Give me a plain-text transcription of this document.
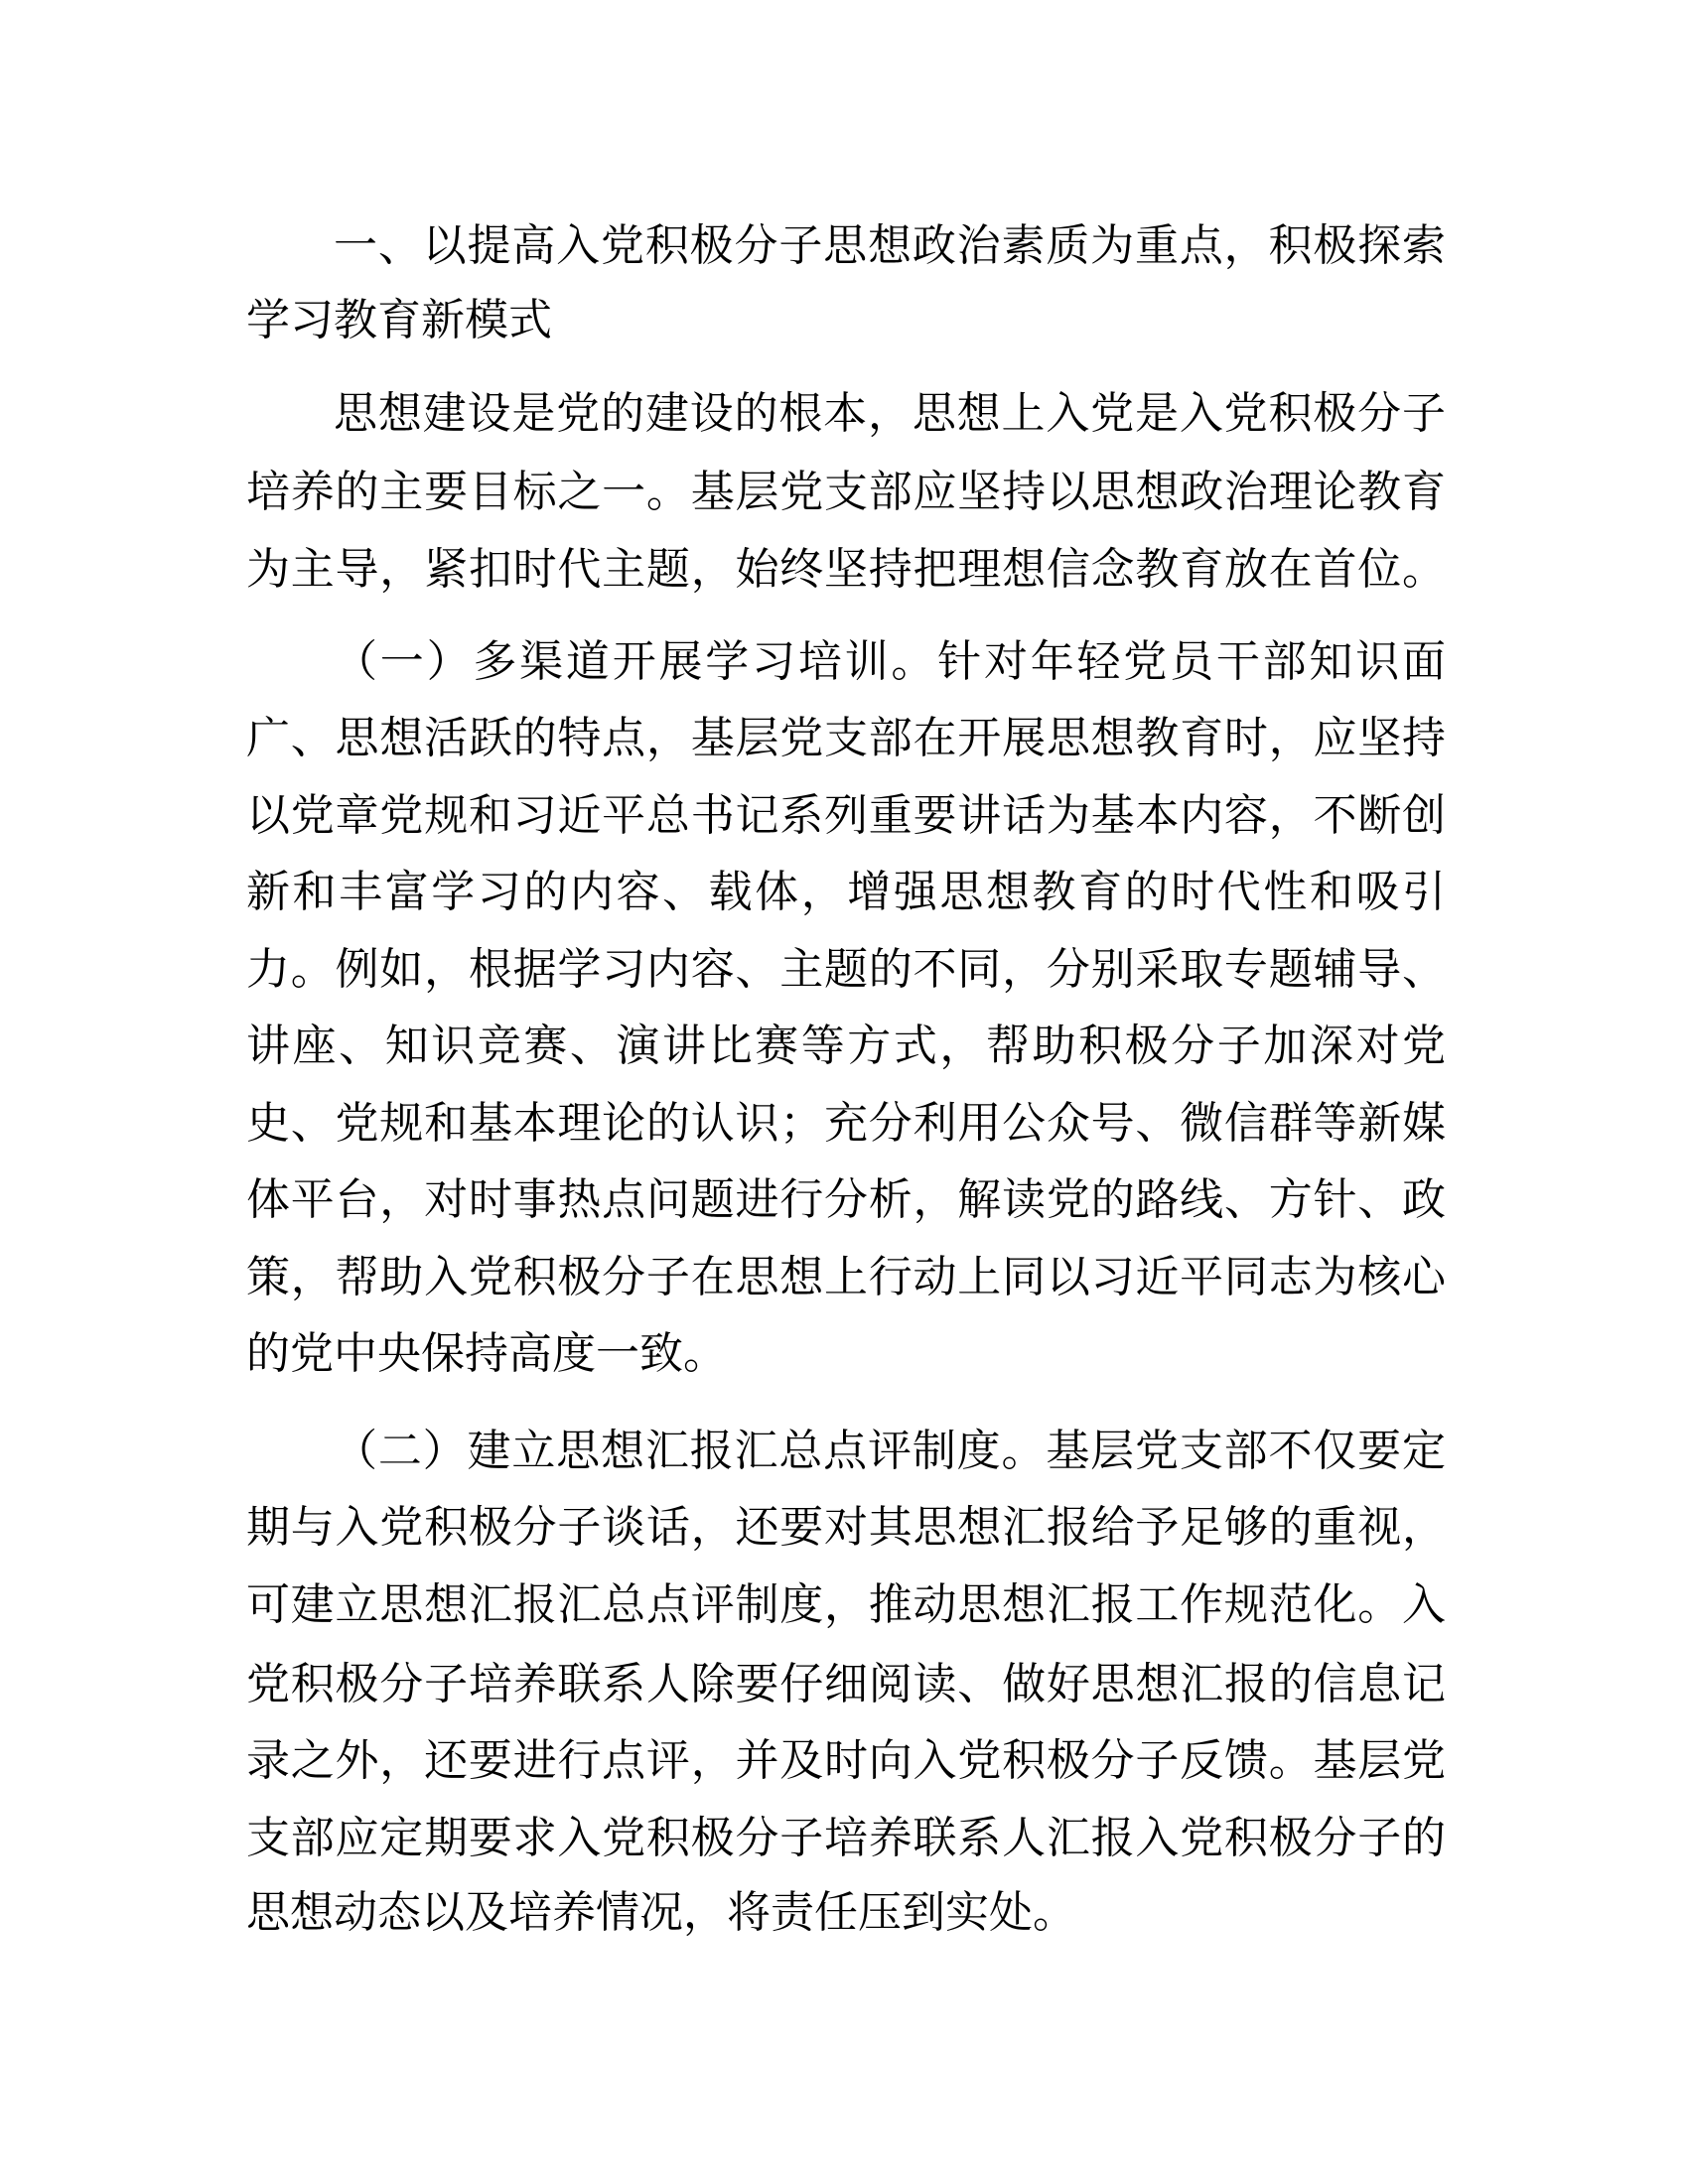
一、以提高入党积极分子思想政治素质为重点，积极探索
学习教育新模式
思想建设是党的建设的根本，思想上入党是入党积极分子
培养的主要目标之一。基层党支部应坚持以思想政治理论教育
为主导，紧扣时代主题，始终坚持把理想信念教育放在首位。
（一）多渠道开展学习培训。针对年轻党员干部知识面
广、思想活跃的特点，基层党支部在开展思想教育时，应坚持
以党章党规和习近平总书记系列重要讲话为基本内容，不断创
新和丰富学习的内容、载体，增强思想教育的时代性和吸引
力。例如，根据学习内容、主题的不同，分别采取专题辅导、
讲座、知识竞赛、演讲比赛等方式，帮助积极分子加深对党
史、党规和基本理论的认识；充分利用公众号、微信群等新媒
体平台，对时事热点问题进行分析，解读党的路线、方针、政
策，帮助入党积极分子在思想上行动上同以习近平同志为核心
的党中央保持高度一致。
（二）建立思想汇报汇总点评制度。基层党支部不仅要定
期与入党积极分子谈话，还要对其思想汇报给予足够的重视，
可建立思想汇报汇总点评制度，推动思想汇报工作规范化。入
党积极分子培养联系人除要仔细阅读、做好思想汇报的信息记
录之外，还要进行点评，并及时向入党积极分子反馈。基层党
支部应定期要求入党积极分子培养联系人汇报入党积极分子的
思想动态以及培养情况，将责任压到实处。
